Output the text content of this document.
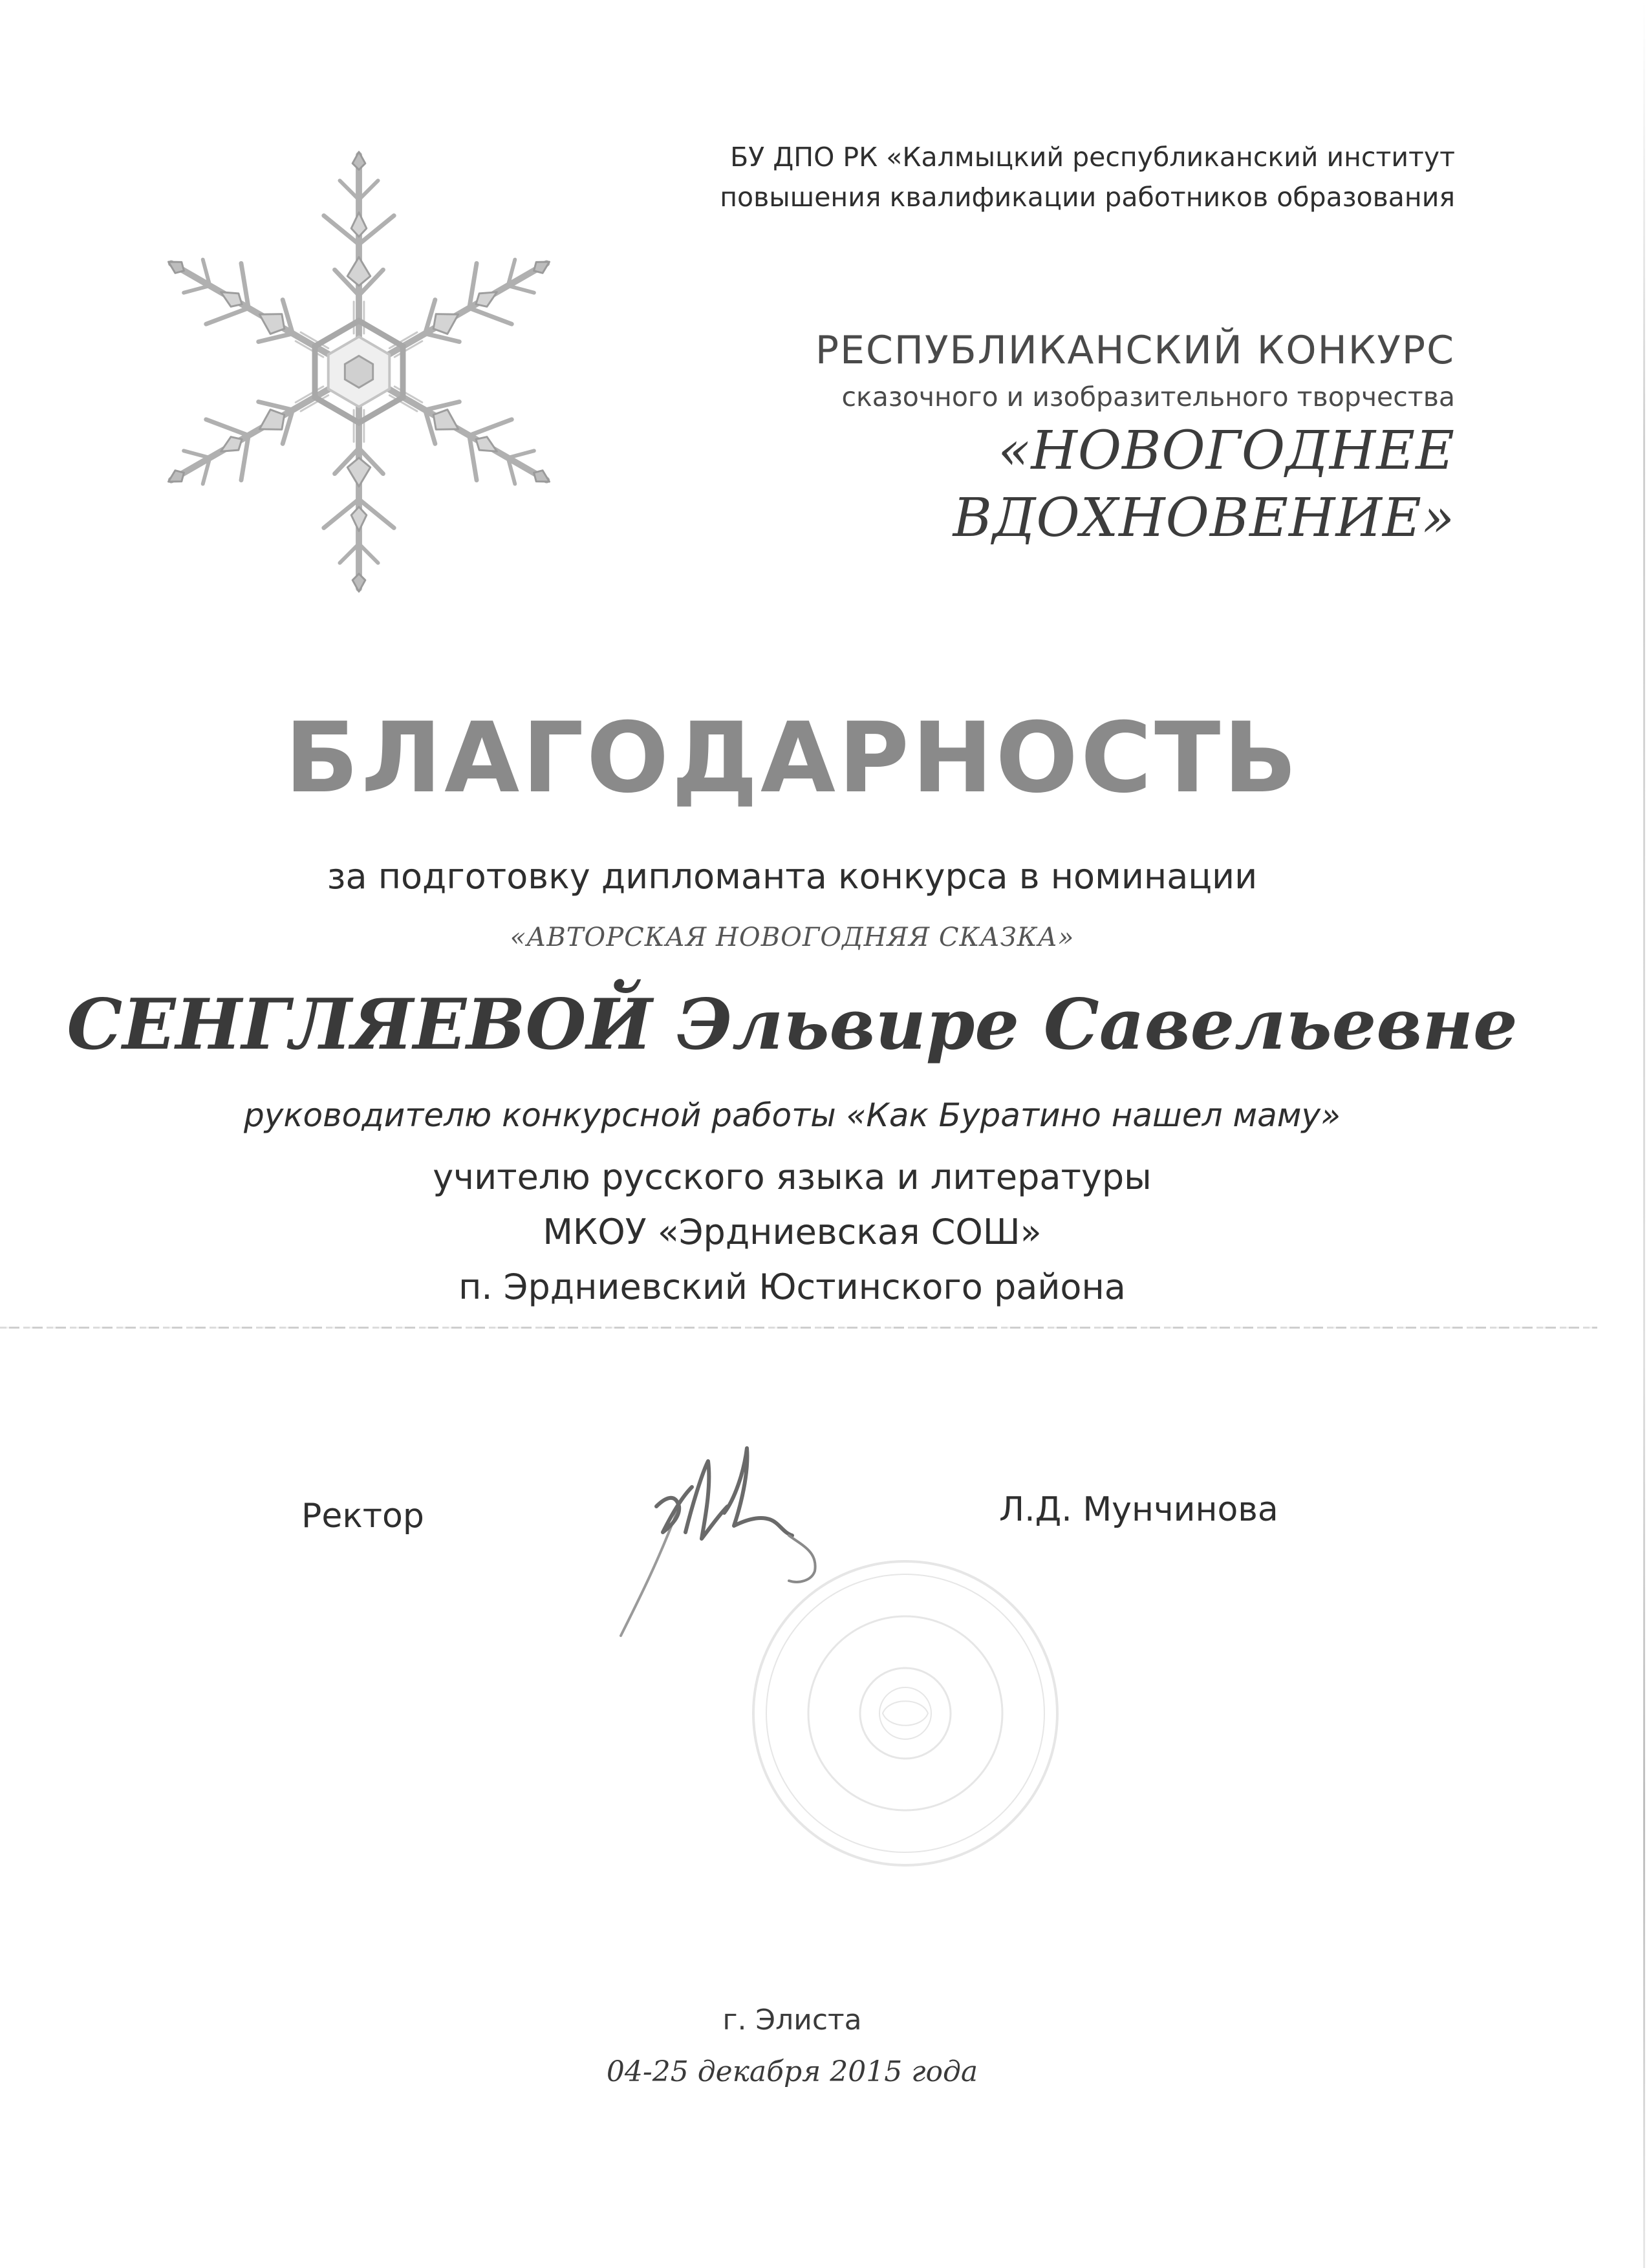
БУ ДПО РК «Калмыцкий республиканский институт
повышения квалификации работников образования
РЕСПУБЛИКАНСКИЙ КОНКУРС
сказочного и изобразительного творчества
«НОВОГОДНЕЕ ВДОХНОВЕНИЕ»
БЛАГОДАРНОСТЬ
за подготовку дипломанта конкурса в номинации
«АВТОРСКАЯ НОВОГОДНЯЯ СКАЗКА»
СЕНГЛЯЕВОЙ Эльвире Савельевне
руководителю конкурсной работы «Как Буратино нашел маму»
учителю русского языка и литературы
МКОУ «Эрдниевская СОШ»
п. Эрдниевский Юстинского района
Ректор	Л.Д. Мунчинова
г. Элиста
04-25 декабря 2015 года
